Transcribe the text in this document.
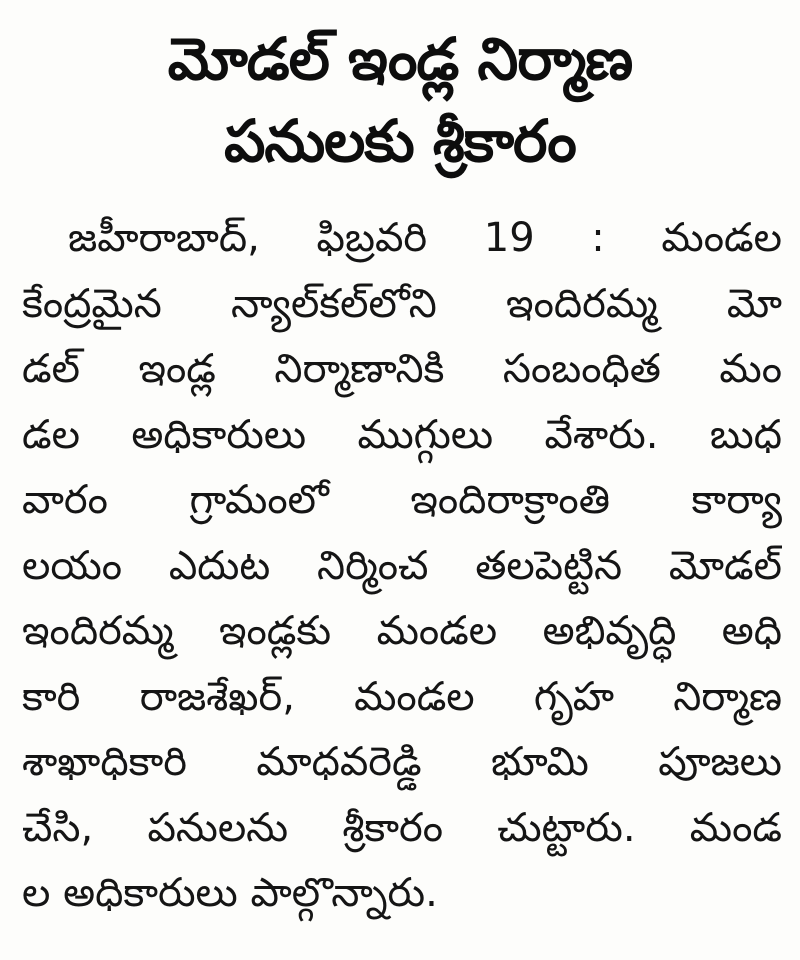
మోడల్ ఇండ్ల నిర్మాణ
పనులకు శ్రీకారం
జహీరాబాద్, ఫిబ్రవరి 19 : మండల
కేంద్రమైన న్యాల్‌కల్‌లోని ఇందిరమ్మ మో
డల్ ఇండ్ల నిర్మాణానికి సంబంధిత మం
డల అధికారులు ముగ్గులు వేశారు. బుధ
వారం గ్రామంలో ఇందిరాక్రాంతి కార్యా
లయం ఎదుట నిర్మించ తలపెట్టిన మోడల్
ఇందిరమ్మ ఇండ్లకు మండల అభివృద్ధి అధి
కారి రాజశేఖర్, మండల గృహ నిర్మాణ
శాఖాధికారి మాధవరెడ్డి భూమి పూజలు
చేసి, పనులను శ్రీకారం చుట్టారు. మండ
ల అధికారులు పాల్గొన్నారు.
